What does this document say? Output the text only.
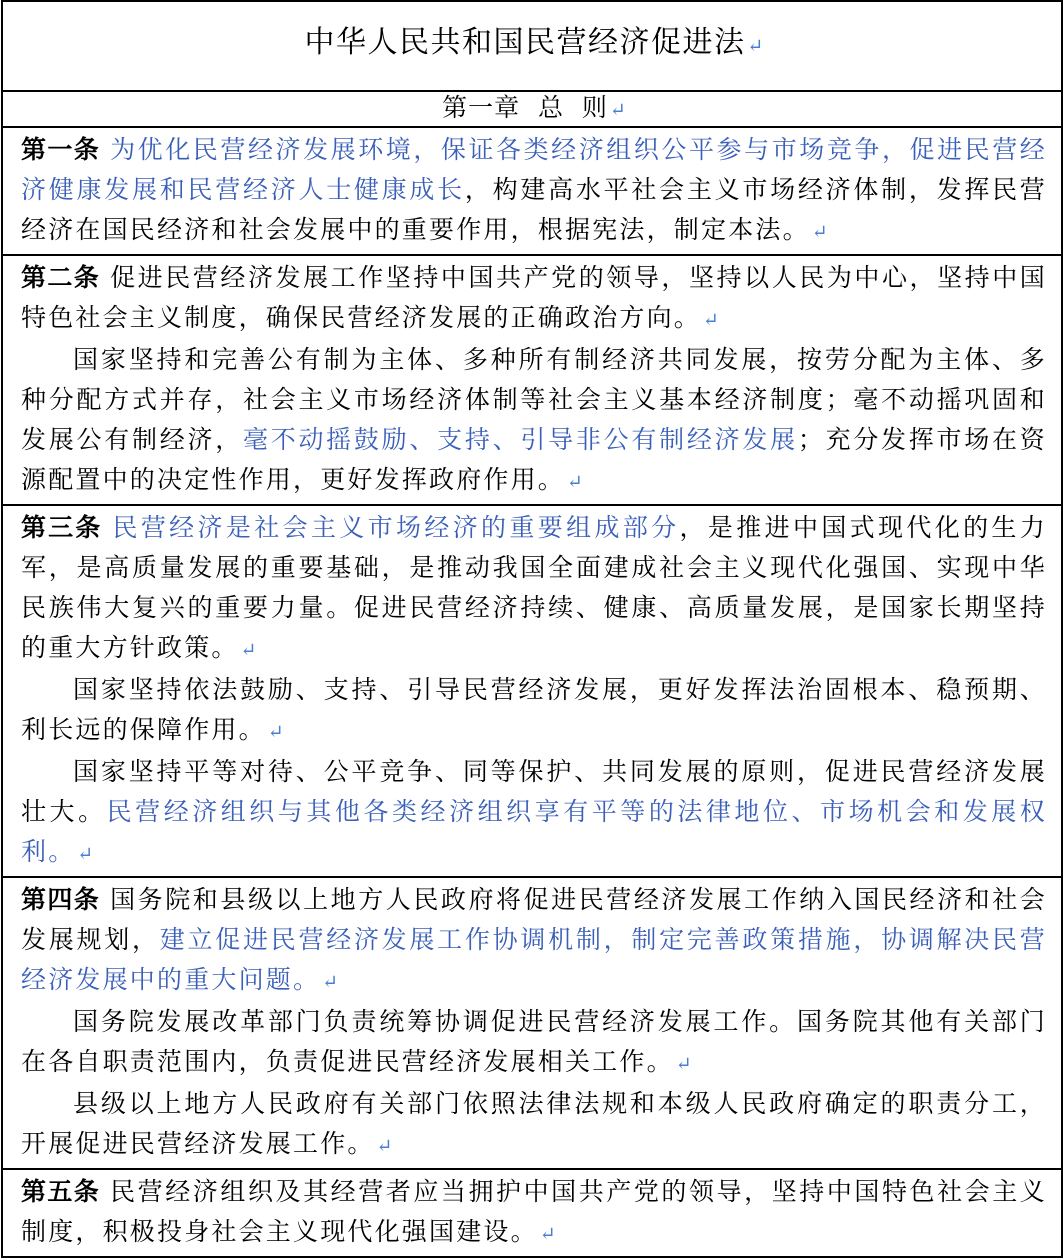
中华人民共和国民营经济促进法 ↵
第一章  总  则 ↵

第一条 为优化民营经济发展环境，保证各类经济组织公平参与市场竞争，促进民营经济健康发展和民营经济人士健康成长，构建高水平社会主义市场经济体制，发挥民营经济在国民经济和社会发展中的重要作用，根据宪法，制定本法。 ↵

第二条 促进民营经济发展工作坚持中国共产党的领导，坚持以人民为中心，坚持中国特色社会主义制度，确保民营经济发展的正确政治方向。 ↵

国家坚持和完善公有制为主体、多种所有制经济共同发展，按劳分配为主体、多种分配方式并存，社会主义市场经济体制等社会主义基本经济制度；毫不动摇巩固和发展公有制经济，毫不动摇鼓励、支持、引导非公有制经济发展；充分发挥市场在资源配置中的决定性作用，更好发挥政府作用。 ↵

第三条 民营经济是社会主义市场经济的重要组成部分，是推进中国式现代化的生力军，是高质量发展的重要基础，是推动我国全面建成社会主义现代化强国、实现中华民族伟大复兴的重要力量。促进民营经济持续、健康、高质量发展，是国家长期坚持的重大方针政策。 ↵

国家坚持依法鼓励、支持、引导民营经济发展，更好发挥法治固根本、稳预期、利长远的保障作用。 ↵

国家坚持平等对待、公平竞争、同等保护、共同发展的原则，促进民营经济发展壮大。民营经济组织与其他各类经济组织享有平等的法律地位、市场机会和发展权利。 ↵

第四条 国务院和县级以上地方人民政府将促进民营经济发展工作纳入国民经济和社会发展规划，建立促进民营经济发展工作协调机制，制定完善政策措施，协调解决民营经济发展中的重大问题。 ↵

国务院发展改革部门负责统筹协调促进民营经济发展工作。国务院其他有关部门在各自职责范围内，负责促进民营经济发展相关工作。 ↵

县级以上地方人民政府有关部门依照法律法规和本级人民政府确定的职责分工，开展促进民营经济发展工作。 ↵

第五条 民营经济组织及其经营者应当拥护中国共产党的领导，坚持中国特色社会主义制度，积极投身社会主义现代化强国建设。 ↵
